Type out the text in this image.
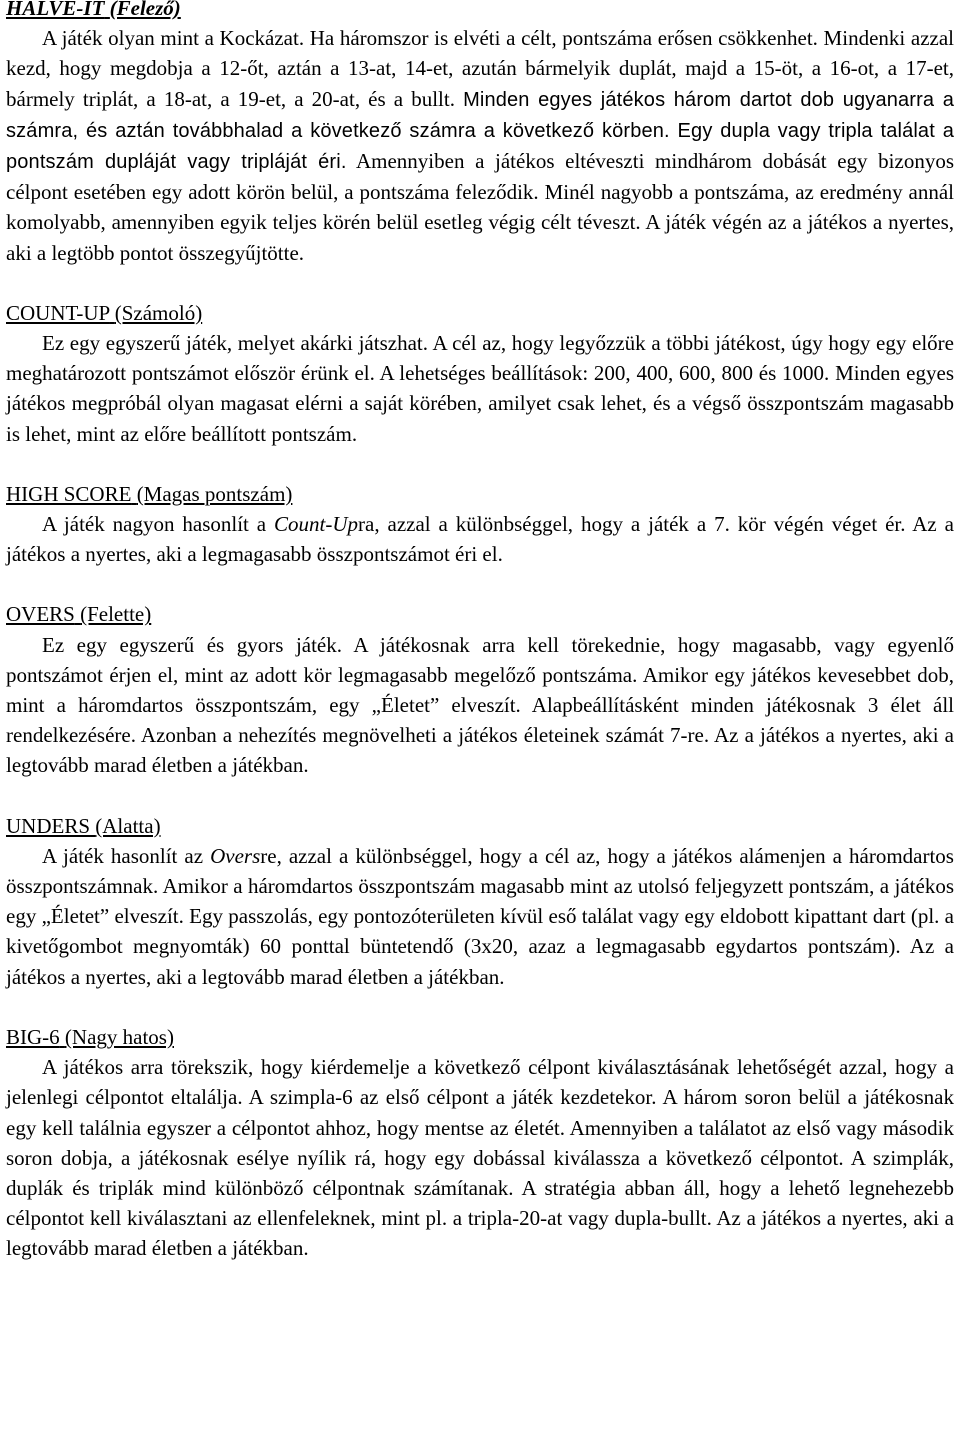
HALVE-IT (Felező)

A játék olyan mint a Kockázat. Ha háromszor is elvéti a célt, pontszáma erősen csökkenhet. Mindenki azzal kezd, hogy megdobja a 12-őt, aztán a 13-at, 14-et, azután bármelyik duplát, majd a 15-öt, a 16-ot, a 17-et, bármely triplát, a 18-at, a 19-et, a 20-at, és a bullt. Minden egyes játékos három dartot dob ugyanarra a számra, és aztán továbbhalad a következő számra a következő körben. Egy dupla vagy tripla találat a pontszám dupláját vagy tripláját éri. Amennyiben a játékos eltéveszti mindhárom dobását egy bizonyos célpont esetében egy adott körön belül, a pontszáma feleződik. Minél nagyobb a pontszáma, az eredmény annál komolyabb, amennyiben egyik teljes körén belül esetleg végig célt téveszt. A játék végén az a játékos a nyertes, aki a legtöbb pontot összegyűjtötte.

COUNT-UP (Számoló)

Ez egy egyszerű játék, melyet akárki játszhat. A cél az, hogy legyőzzük a többi játékost, úgy hogy egy előre meghatározott pontszámot először érünk el. A lehetséges beállítások: 200, 400, 600, 800 és 1000. Minden egyes játékos megpróbál olyan magasat elérni a saját körében, amilyet csak lehet, és a végső összpontszám magasabb is lehet, mint az előre beállított pontszám.

HIGH SCORE (Magas pontszám)

A játék nagyon hasonlít a Count-Upra, azzal a különbséggel, hogy a játék a 7. kör végén véget ér. Az a játékos a nyertes, aki a legmagasabb összpontszámot éri el.

OVERS (Felette)

Ez egy egyszerű és gyors játék. A játékosnak arra kell törekednie, hogy magasabb, vagy egyenlő pontszámot érjen el, mint az adott kör legmagasabb megelőző pontszáma. Amikor egy játékos kevesebbet dob, mint a háromdartos összpontszám, egy „Életet” elveszít. Alapbeállításként minden játékosnak 3 élet áll rendelkezésére. Azonban a nehezítés megnövelheti a játékos életeinek számát 7-re. Az a játékos a nyertes, aki a legtovább marad életben a játékban.

UNDERS (Alatta)

A játék hasonlít az Oversre, azzal a különbséggel, hogy a cél az, hogy a játékos alámenjen a háromdartos összpontszámnak. Amikor a háromdartos összpontszám magasabb mint az utolsó feljegyzett pontszám, a játékos egy „Életet” elveszít. Egy passzolás, egy pontozóterületen kívül eső találat vagy egy eldobott kipattant dart (pl. a kivetőgombot megnyomták) 60 ponttal büntetendő (3x20, azaz a legmagasabb egydartos pontszám). Az a játékos a nyertes, aki a legtovább marad életben a játékban.

BIG-6 (Nagy hatos)

A játékos arra törekszik, hogy kiérdemelje a következő célpont kiválasztásának lehetőségét azzal, hogy a jelenlegi célpontot eltalálja. A szimpla-6 az első célpont a játék kezdetekor. A három soron belül a játékosnak egy kell találnia egyszer a célpontot ahhoz, hogy mentse az életét. Amennyiben a találatot az első vagy második soron dobja, a játékosnak esélye nyílik rá, hogy egy dobással kiválassza a következő célpontot. A szimplák, duplák és triplák mind különböző célpontnak számítanak. A stratégia abban áll, hogy a lehető legnehezebb célpontot kell kiválasztani az ellenfeleknek, mint pl. a tripla-20-at vagy dupla-bullt. Az a játékos a nyertes, aki a legtovább marad életben a játékban.
